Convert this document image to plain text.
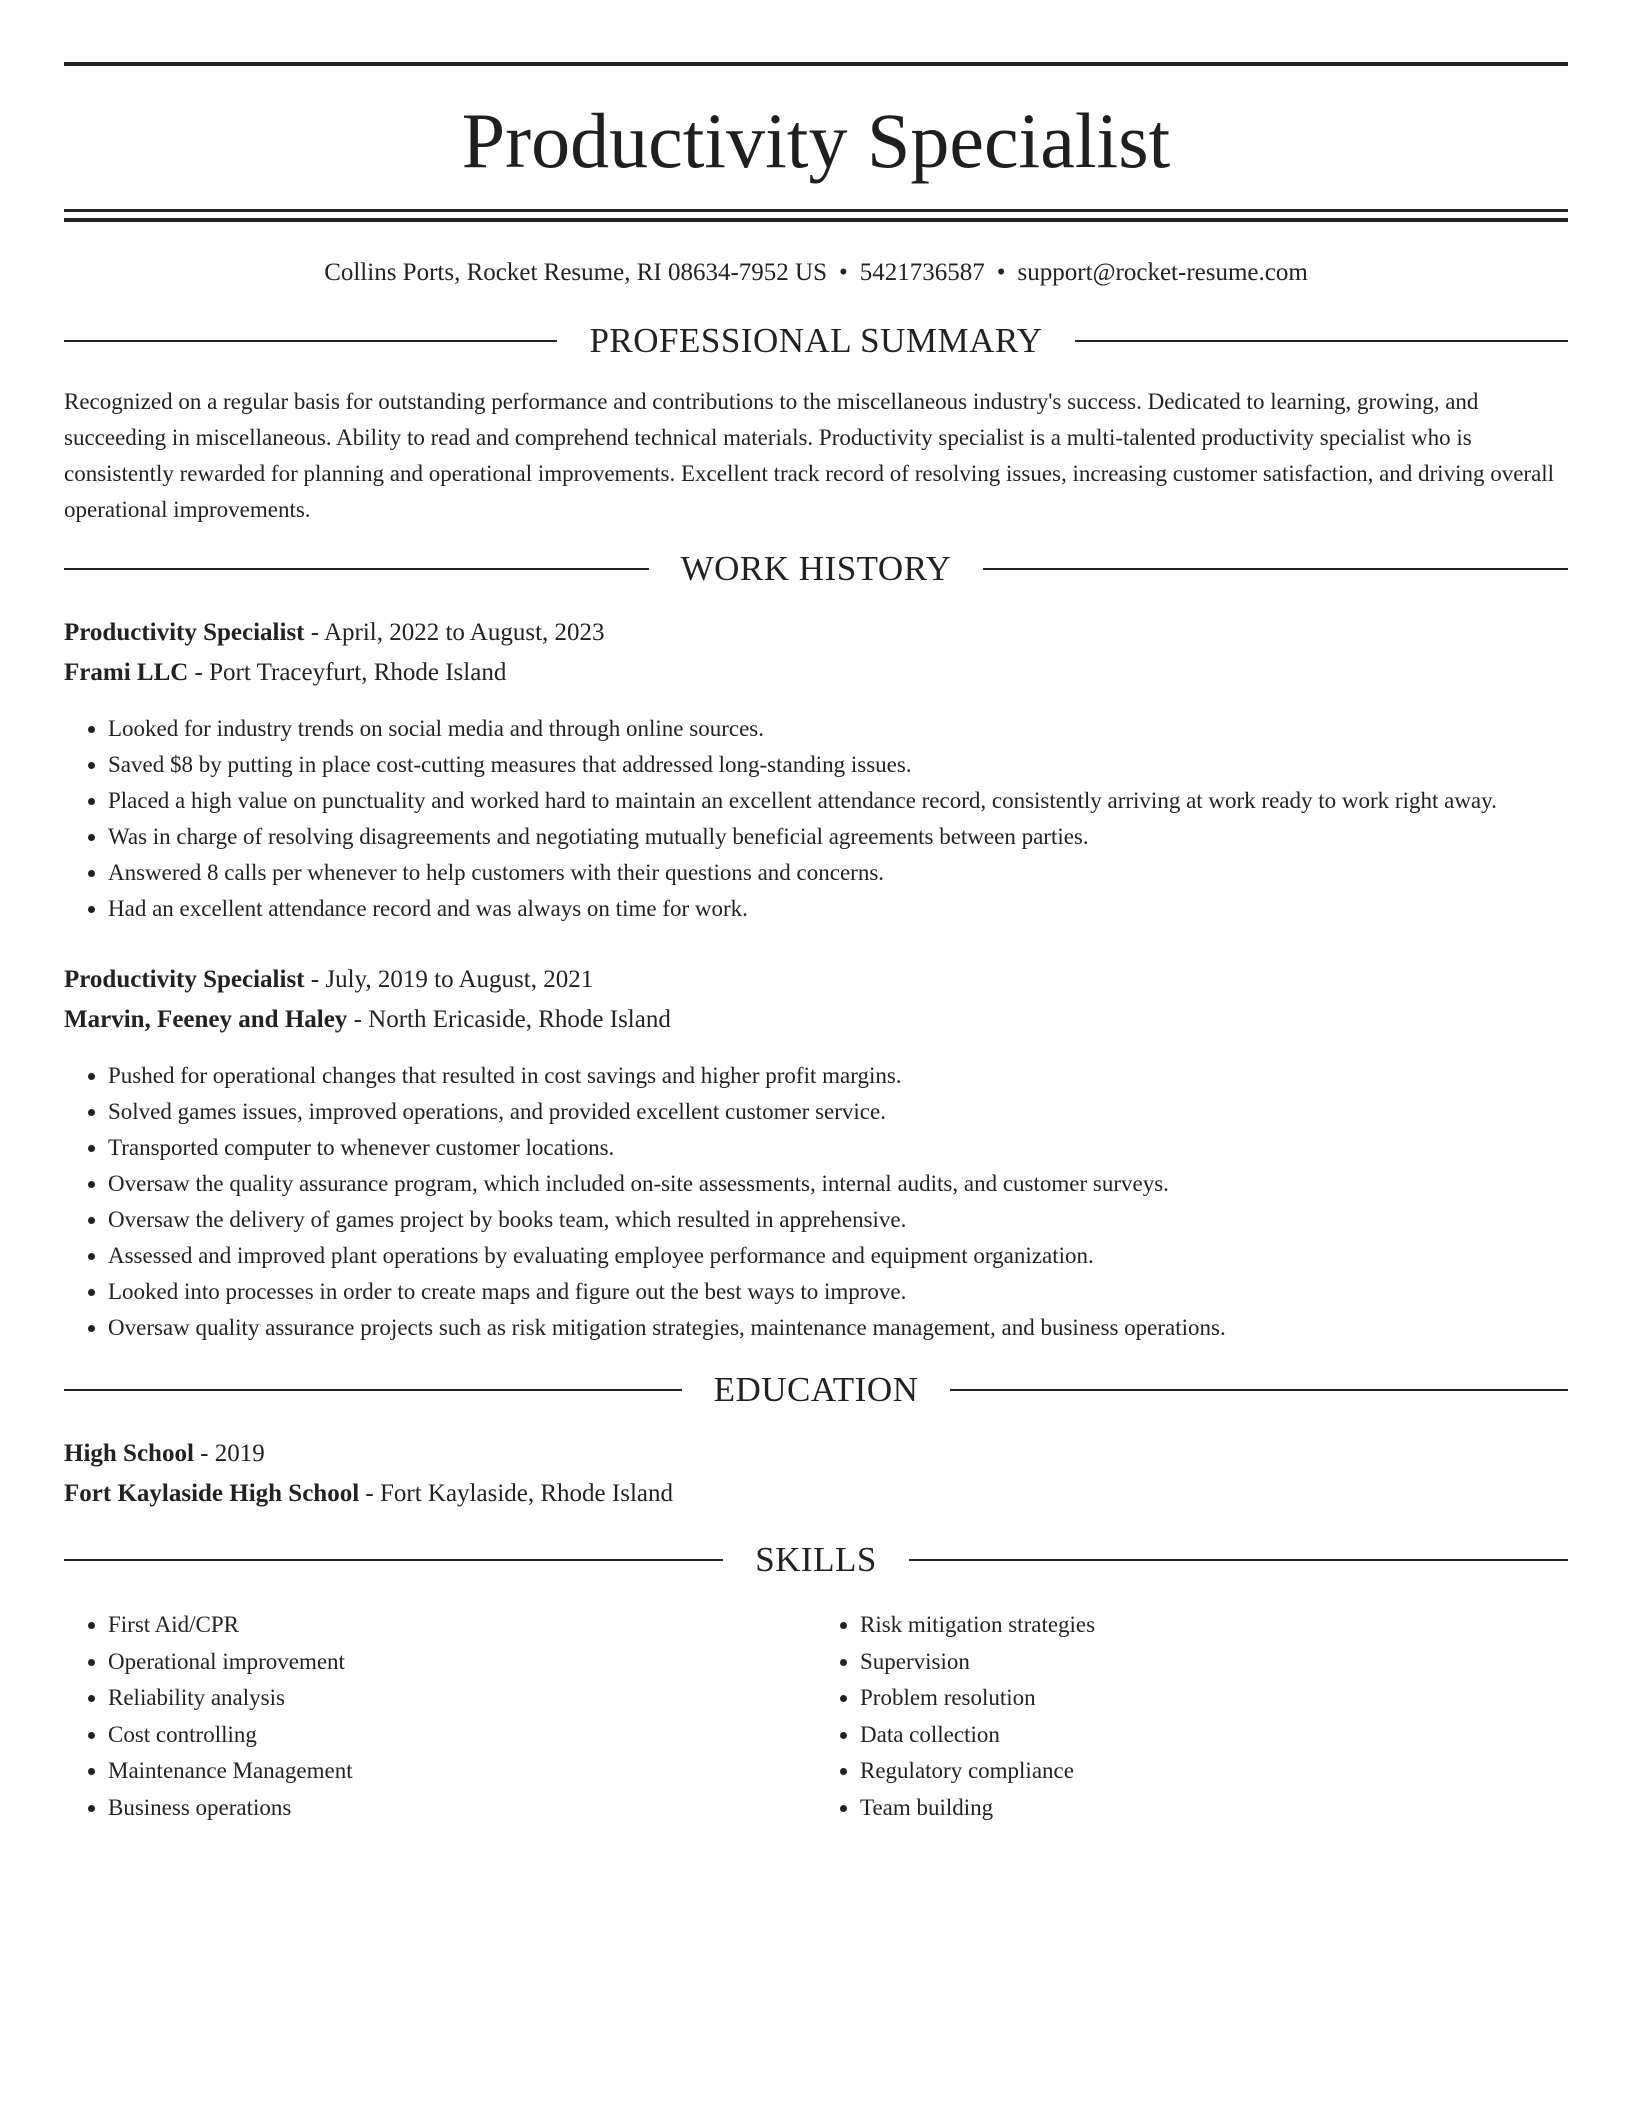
Productivity Specialist
Collins Ports, Rocket Resume, RI 08634-7952 US • 5421736587 • support@rocket-resume.com
PROFESSIONAL SUMMARY

Recognized on a regular basis for outstanding performance and contributions to the miscellaneous industry's success. Dedicated to learning, growing, and succeeding in miscellaneous. Ability to read and comprehend technical materials. Productivity specialist is a multi-talented productivity specialist who is consistently rewarded for planning and operational improvements. Excellent track record of resolving issues, increasing customer satisfaction, and driving overall operational improvements.

WORK HISTORY
Productivity Specialist - April, 2022 to August, 2023
Frami LLC - Port Traceyfurt, Rhode Island
• Looked for industry trends on social media and through online sources.
• Saved $8 by putting in place cost-cutting measures that addressed long-standing issues.
• Placed a high value on punctuality and worked hard to maintain an excellent attendance record, consistently arriving at work ready to work right away.
• Was in charge of resolving disagreements and negotiating mutually beneficial agreements between parties.
• Answered 8 calls per whenever to help customers with their questions and concerns.
• Had an excellent attendance record and was always on time for work.
Productivity Specialist - July, 2019 to August, 2021
Marvin, Feeney and Haley - North Ericaside, Rhode Island
• Pushed for operational changes that resulted in cost savings and higher profit margins.
• Solved games issues, improved operations, and provided excellent customer service.
• Transported computer to whenever customer locations.
• Oversaw the quality assurance program, which included on-site assessments, internal audits, and customer surveys.
• Oversaw the delivery of games project by books team, which resulted in apprehensive.
• Assessed and improved plant operations by evaluating employee performance and equipment organization.
• Looked into processes in order to create maps and figure out the best ways to improve.
• Oversaw quality assurance projects such as risk mitigation strategies, maintenance management, and business operations.
EDUCATION
High School - 2019
Fort Kaylaside High School - Fort Kaylaside, Rhode Island
SKILLS
• First Aid/CPR
• Operational improvement
• Reliability analysis
• Cost controlling
• Maintenance Management
• Business operations
• Risk mitigation strategies
• Supervision
• Problem resolution
• Data collection
• Regulatory compliance
• Team building
